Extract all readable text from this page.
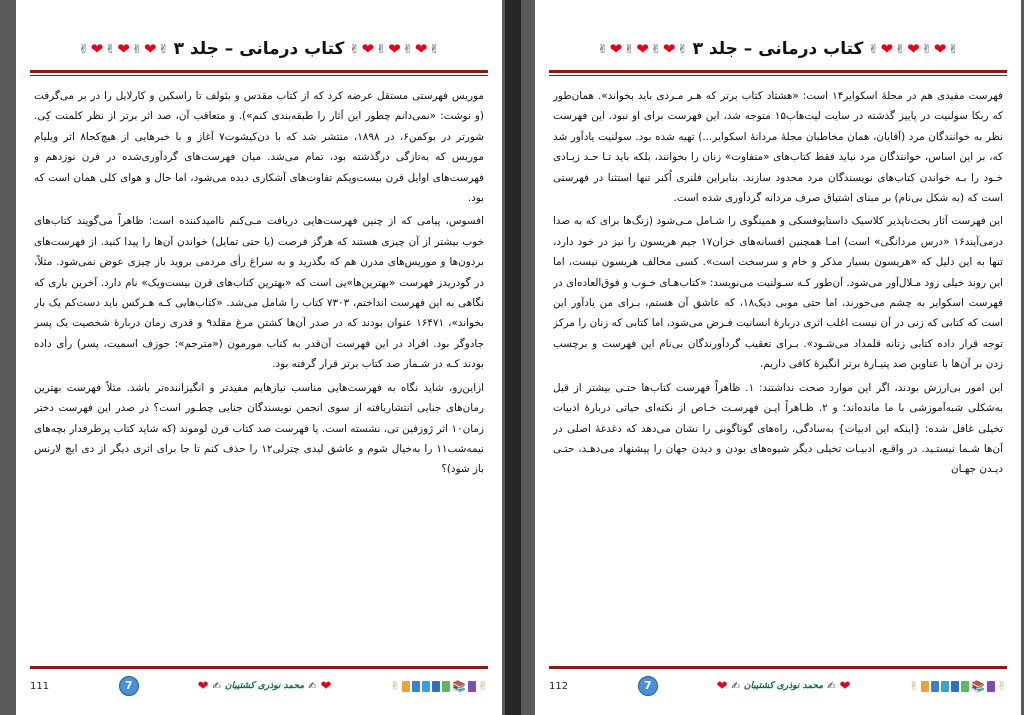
✌
❤
✌
❤
✌
❤
✌
کتاب درمانی – جلد ۳
✌
❤
✌
❤
✌
❤
✌

موریس فهرستی مستقل عرضه کرد که از کتاب مقدس و بئولف تا راسکین و کارلایل را در بر می‌گرفت (و نوشت: «نمی‌دانم چطور این آثار را طبقه‌بندی کنم»). و متعاقب آن، صد اثر برتر از نظر کلمنت کِی. شورتر در بوکمن۶، در ۱۸۹۸، منتشر شد که با دن‌کیشوت۷ آغاز و با خبرهایی از هیچ‌کجا۸ اثر ویلیام موریس که به‌تازگی درگذشته بود، تمام می‌شد. میان فهرست‌های گردآوری‌شده در قرن نوزدهم و فهرست‌های اوایل قرن بیست‌ویکم تفاوت‌های آشکاری دیده می‌شود، اما حال و هوای کلی همان است که بود.

افسوس، پیامی که از چنین فهرست‌هایی دریافت مـی‌کنم ناامیدکننده است: ظاهراً می‌گویند کتاب‌های خوب بیشتر از آن چیزی هستند که هرگز فرصت (یا حتی تمایل) خواندن آن‌ها را پیدا کنید. از فهرست‌های بردون‌ها و موریس‌های مدرن هم که بگذرید و به سراغ رأی مردمی بروید باز چیزی عوض نمی‌شود. مثلاً، در گودریدز فهرست «بهترین‌ها»یی است که «بهترین کتاب‌های قرن بیست‌ویک» نام دارد. آخرین باری که نگاهی به این فهرست انداختم، ۷۳۰۳ کتاب را شامل می‌شد. «کتاب‌هایی کـه هـرکس باید دست‌کم یک بار بخواند»، ۱۶۴۷۱ عنوان بودند که در صدر آن‌ها کشتن مرغ مقلد۹ و قدری رمان دربارهٔ شخصیت یک پسر جادوگر بود. افراد در این فهرست آن‌قدر به کتاب مورمون («مترجم»: جوزف اسمیت، پسر) رأی داده بودند کـه در شـمار صد کتاب برتر قرار گرفته بود.

ازاین‌رو، شاید نگاه به فهرست‌هایی مناسب نیازهایم مفیدتر و انگیزاننده‌تر باشد. مثلاً فهرست بهترین رمان‌های جنایی انتشاریافته از سوی انجمن نویسندگان جنایی چطـور است؟ در صدر این فهرست دختر زمان۱۰ اثر ژوزفین تی، نشسته است. یا فهرست صد کتاب قرن لوموند (که شاید کتاب پرطرفدار بچه‌های نیمه‌شب۱۱ را به‌خیال شوم و عاشق لیدی چترلی۱۲ را حذف کنم تا جا برای اثری دیگر از دی ایچ لارنس باز شود)؟

111	7	❤
✍
محمد نوذری کشتیبان
✍
❤	✌	📚 ✌
✌
❤
✌
❤
✌
❤
✌
کتاب درمانی – جلد ۳
✌
❤
✌
❤
✌
❤
✌

فهرست مفیدی هم در مجلهٔ اسکوایر۱۴ است: «هشتاد کتاب برتر که هـر مـردی باید بخواند». همان‌طور که ربکا سولنیت در پاییز گذشته در سایت لیت‌هاب۱۵ متوجه شد، این فهرست برای او نبود. این فهرست نظر به خوانندگان مرد (آقایان، همان مخاطبان مجلهٔ مردانهٔ اسکوایر...) تهیه شده بود. سولنیت یادآور شد که، بر این اساس، خوانندگان مرد نباید فقط کتاب‌های «متفاوت» زنان را بخوانند، بلکه باید تـا حـد زیـادی خـود را بـه خواندن کتاب‌های نویسندگان مرد محدود سازند. بنابراین فلنری اُکنر تنها استثنا در فهرستی است که (به شکل بی‌نام) بر مبنای اشتیاق صرف مردانه گردآوری شده است.

این فهرست آثار بحث‌ناپذیر کلاسیک داستایوفسکی و همینگوی را شـامل مـی‌شود (زنگ‌ها برای که به صدا درمی‌آیند۱۶ «درس مردانگی» است) امـا همچنین افسانه‌های خزان۱۷ جیم هریسون را نیز در خود دارد، تنها به این دلیل که «هریسون بسیار مذکر و خام و سرسخت است». کسی مخالف هریسون نیست، اما این روند خیلی زود مـلال‌آور می‌شود. آن‌طور کـه سـولنیت می‌نویسد: «کتاب‌هـای خـوب و فوق‌العاده‌ای در فهرست اسکوایر به چشم می‌خورند، اما حتی موبی دیک۱۸، که عاشق آن هستم، بـرای من یادآور این است که کتابی که زنی در آن نیست اغلب اثری دربارهٔ انسانیت فـرض می‌شود، اما کتابی که زنان را مرکز توجه قرار داده کتابی زنانه قلمداد می‌شـود». بـرای تعقیب گردآورندگان بی‌نام این فهرست و برچسب زدن بر آن‌ها با عناوین صد پتیـارهٔ برتر انگیزهٔ کافی داریم.

این امور بی‌ارزش بودند، اگر این موارد صحت نداشتند: ۱. ظاهراً فهرست کتاب‌ها حتـی بیشتر از قبل به‌شکلی شبه‌آموزشی با ما مانده‌اند؛ و ۲. ظـاهراً ایـن فهرسـت خـاص از نکته‌ای حیاتی دربارهٔ ادبیات تخیلی غافل شده: {اینکه این ادبیات} به‌سادگی، راه‌های گوناگونی را نشان می‌دهد که دغدغهٔ اصلی در آن‌ها شـما نیستـید. در واقـع، ادبیـات تخیلی دیگر شیوه‌های بودن و دیدن جهان را پیشنهاد می‌دهـد، حتـی دیـدن جهـان

112	7	❤
✍
محمد نوذری کشتیبان
✍
❤	✌	📚 ✌
